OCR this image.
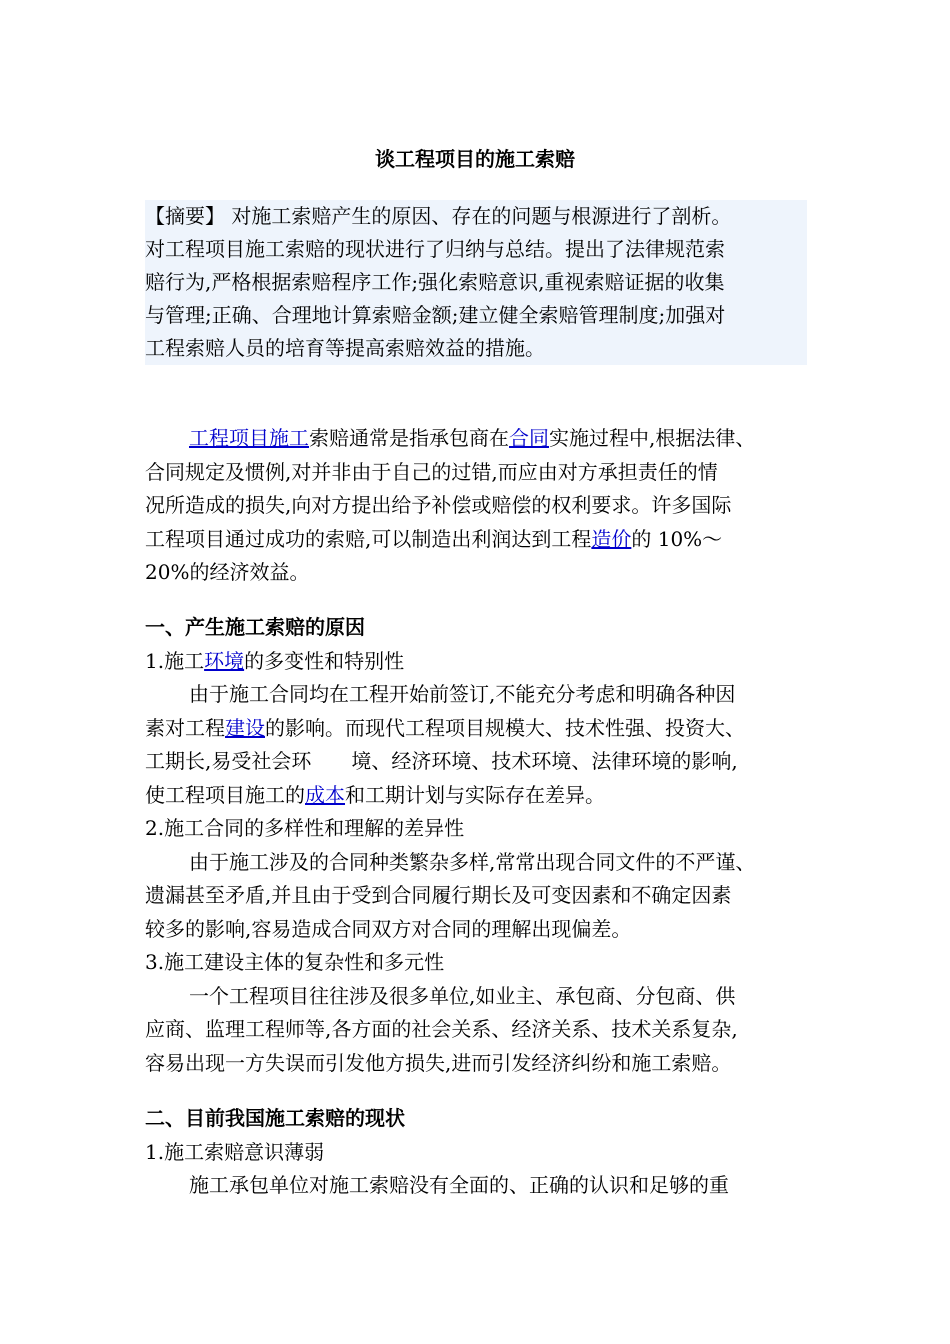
谈工程项目的施工索赔
【摘要】 对施工索赔产生的原因、存在的问题与根源进行了剖析。
对工程项目施工索赔的现状进行了归纳与总结。提出了法律规范索
赔行为,严格根据索赔程序工作;强化索赔意识,重视索赔证据的收集
与管理;正确、合理地计算索赔金额;建立健全索赔管理制度;加强对
工程索赔人员的培育等提高索赔效益的措施。
工程项目施工索赔通常是指承包商在合同实施过程中,根据法律、
合同规定及惯例,对并非由于自己的过错,而应由对方承担责任的情
况所造成的损失,向对方提出给予补偿或赔偿的权利要求。许多国际
工程项目通过成功的索赔,可以制造出利润达到工程造价的 10%～
20%的经济效益。
一、产生施工索赔的原因
1.施工环境的多变性和特别性
由于施工合同均在工程开始前签订,不能充分考虑和明确各种因
素对工程建设的影响。而现代工程项目规模大、技术性强、投资大、
工期长,易受社会环　　境、经济环境、技术环境、法律环境的影响,
使工程项目施工的成本和工期计划与实际存在差异。
2.施工合同的多样性和理解的差异性
由于施工涉及的合同种类繁杂多样,常常出现合同文件的不严谨、
遗漏甚至矛盾,并且由于受到合同履行期长及可变因素和不确定因素
较多的影响,容易造成合同双方对合同的理解出现偏差。
3.施工建设主体的复杂性和多元性
一个工程项目往往涉及很多单位,如业主、承包商、分包商、供
应商、监理工程师等,各方面的社会关系、经济关系、技术关系复杂,
容易出现一方失误而引发他方损失,进而引发经济纠纷和施工索赔。
二、目前我国施工索赔的现状
1.施工索赔意识薄弱
施工承包单位对施工索赔没有全面的、正确的认识和足够的重
